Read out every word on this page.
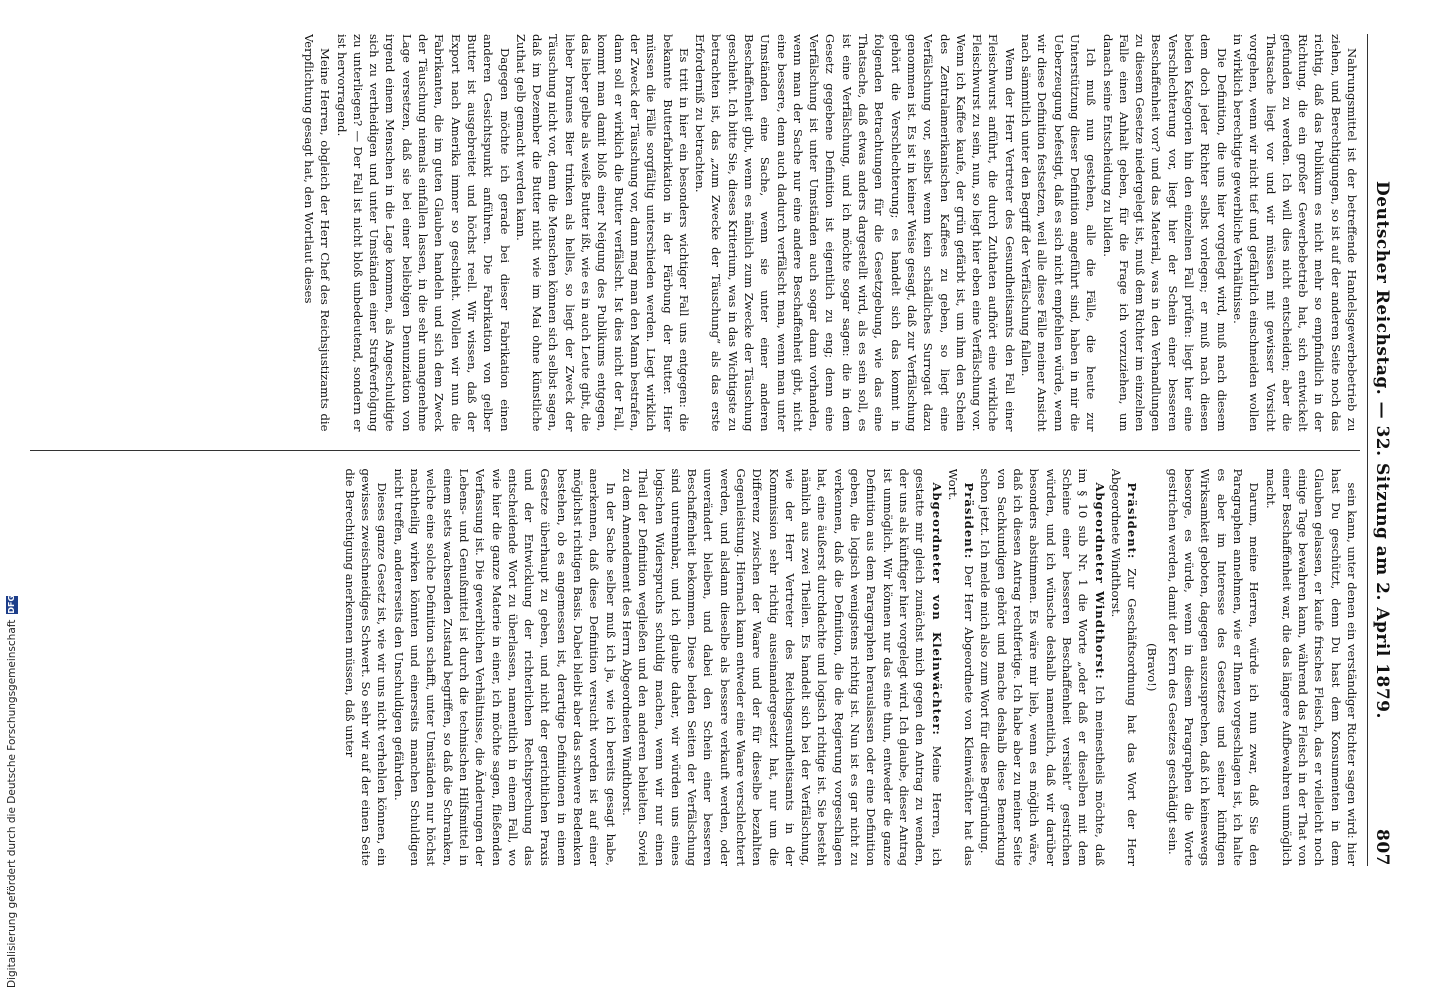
Deutscher Reichstag. — 32. Sitzung am 2. April 1879.
807

Nahrungsmittel ist der betreffende Handelsgewerbebetrieb zu ziehen, und Berechtigungen, so ist auf der anderen Seite noch das richtig, daß das Publikum es nicht mehr so empfindlich in der Richtung, die ein großer Gewerbebetrieb hat, sich entwickelt gefunden zu werden. Ich will dies nicht entscheiden; aber die Thatsache liegt vor und wir müssen mit gewisser Vorsicht vorgehen, wenn wir nicht tief und gefährlich einschneiden wollen in wirklich berechtigte gewerbliche Verhältnisse.

Die Definition, die uns hier vorgelegt wird, muß nach diesem dem doch jeder Richter selbst vorlegen; er muß nach diesen beiden Kategorien hin den einzelnen Fall prüfen: liegt hier eine Verschlechterung vor, liegt hier der Schein einer besseren Beschaffenheit vor? und das Material, was in den Verhandlungen zu diesem Gesetze niedergelegt ist, muß dem Richter im einzelnen Falle einen Anhalt geben, für die Frage ich vorzuziehen, um danach seine Entscheidung zu bilden.

Ich muß nun gestehen, alle die Fälle, die heute zur Unterstützung dieser Definition angeführt sind, haben in mir die Ueberzeugung befestigt, daß es sich nicht empfehlen würde, wenn wir diese Definition festsetzen, weil alle diese Fälle meiner Ansicht nach sämmtlich unter den Begriff der Verfälschung fallen.

Wenn der Herr Vertreter des Gesundheitsamts den Fall einer Fleischwurst anführt, die durch Zuthaten aufhört eine wirkliche Fleischwurst zu sein, nun, so liegt hier eben eine Verfälschung vor. Wenn ich Kaffee kaufe, der grün gefärbt ist, um ihm den Schein des Zentralamerikanischen Kaffees zu geben, so liegt eine Verfälschung vor, selbst wenn kein schädliches Surrogat dazu genommen ist. Es ist in keiner Weise gesagt, daß zur Verfälschung gehört die Verschlechterung; es handelt sich das kommt in folgenden Betrachtungen für die Gesetzgebung, wie das eine Thatsache, daß etwas anders dargestellt wird, als es sein soll, es ist eine Verfälschung, und ich möchte sogar sagen: die in dem Gesetz gegebene Definition ist eigentlich zu eng; denn eine Verfälschung ist unter Umständen auch sogar dann vorhanden, wenn man der Sache nur eine andere Beschaffenheit gibt, nicht eine bessere, denn auch dadurch verfälscht man, wenn man unter Umständen eine Sache, wenn sie unter einer anderen Beschaffenheit gibt, wenn es nämlich zum Zwecke der Täuschung geschieht. Ich bitte Sie, dieses Kriterium, was in das Wichtigste zu betrachten ist, das „zum Zwecke der Täuschung“ als das erste Erforderniß zu betrachten.

Es tritt in hier ein besonders wichtiger Fall uns entgegen: die bekannte Butterfabrikation in der Färbung der Butter. Hier müssen die Fälle sorgfältig unterschieden werden. Liegt wirklich der Zweck der Täuschung vor, dann mag man den Mann bestrafen, dann soll er wirklich die Butter verfälscht. Ist dies nicht der Fall, kommt man damit bloß einer Neigung des Publikums entgegen, das lieber gelbe als weiße Butter ißt, wie es in auch Leute gibt, die lieber braunes Bier trinken als helles, so liegt der Zweck der Täuschung nicht vor, denn die Menschen können sich selbst sagen, daß im Dezember die Butter nicht wie im Mai ohne künstliche Zuthat gelb gemacht werden kann.

Dagegen möchte ich gerade bei dieser Fabrikation einen anderen Gesichtspunkt anführen. Die Fabrikation von gelber Butter ist ausgebreitet und höchst reell. Wir wissen, daß der Export nach Amerika immer so geschieht. Wollen wir nun die Fabrikanten, die im guten Glauben handeln und sich dem Zweck der Täuschung niemals einfallen lassen, in die sehr unangenehme Lage versetzen, daß sie bei einer beliebigen Denunziation von irgend einem Menschen in die Lage kommen, als Angeschuldigte sich zu vertheidigen und unter Umständen einer Strafverfolgung zu unterliegen? — Der Fall ist nicht bloß unbedeutend, sondern er ist hervorragend.

Meine Herren, obgleich der Herr Chef des Reichsjustizamts die Verpflichtung gesagt hat, den Wortlaut dieses

sein kann, unter denen ein verständiger Richter sagen wird: hier hast Du geschützt, denn Du hast dem Konsumenten in dem Glauben gelassen, er kaufe frisches Fleisch, das er vielleicht noch einige Tage bewahren kann, während das Fleisch in der That von einer Beschaffenheit war, die das längere Aufbewahren unmöglich macht.

Darum, meine Herren, würde ich nun zwar, daß Sie den Paragraphen annehmen, wie er Ihnen vorgeschlagen ist, ich halte es aber im Interesse des Gesetzes und seiner künftigen Wirksamkeit geboten, dagegen auszusprechen, daß ich keineswegs besorge, es würde, wenn in diesem Paragraphen die Worte gestrichen werden, damit der Kern des Gesetzes geschädigt sein.

(Bravo!)

Präsident: Zur Geschäftsordnung hat das Wort der Herr Abgeordnete Windthorst.

Abgeordneter Windthorst: Ich meinestheils möchte, daß im § 10 sub Nr. 1 die Worte „oder daß er dieselben mit dem Scheine einer besseren Beschaffenheit versieht“ gestrichen würden, und ich wünsche deshalb namentlich, daß wir darüber besonders abstimmen. Es wäre mir lieb, wenn es möglich wäre, daß ich diesen Antrag rechtfertige. Ich habe aber zu meiner Seite von Sachkundigen gehört und mache deshalb diese Bemerkung schon jetzt. Ich melde mich also zum Wort für diese Begründung.

Präsident: Der Herr Abgeordnete von Kleinwächter hat das Wort.

Abgeordneter von Kleinwächter: Meine Herren, ich gestatte mir gleich zunächst mich gegen den Antrag zu wenden, der uns als künftiger hier vorgelegt wird. Ich glaube, dieser Antrag ist unmöglich. Wir können nur das eine thun, entweder die ganze Definition aus dem Paragraphen herauslassen oder eine Definition geben, die logisch wenigstens richtig ist. Nun ist es gar nicht zu verkennen, daß die Definition, die die Regierung vorgeschlagen hat, eine äußerst durchdachte und logisch richtige ist. Sie besteht nämlich aus zwei Theilen. Es handelt sich bei der Verfälschung, wie der Herr Vertreter des Reichsgesundheitsamts in der Kommission sehr richtig auseinandergesetzt hat, nur um die Differenz zwischen der Waare und der für dieselbe bezahlten Gegenleistung. Hiernach kann entweder eine Waare verschlechtert werden, und alsdann dieselbe als bessere verkauft werden, oder unverändert bleiben, und dabei den Schein einer besseren Beschaffenheit bekommen. Diese beiden Seiten der Verfälschung sind untrennbar, und ich glaube daher, wir würden uns eines logischen Widerspruchs schuldig machen, wenn wir nur einen Theil der Definition wegließen und den anderen behielten. Soviel zu dem Amendement des Herrn Abgeordneten Windthorst.

In der Sache selber muß ich ja, wie ich bereits gesagt habe, anerkennen, daß diese Definition versucht worden ist auf einer möglichst richtigen Basis. Dabei bleibt aber das schwere Bedenken bestehen, ob es angemessen ist, derartige Definitionen in einem Gesetze überhaupt zu geben, und nicht der gerichtlichen Praxis und der Entwicklung der richterlichen Rechtsprechung das entscheidende Wort zu überlassen, namentlich in einem Fall, wo wie hier die ganze Materie in einer, ich möchte sagen, fließenden Verfassung ist. Die gewerblichen Verhältnisse, die Änderungen der Lebens- und Genußmittel ist durch die technischen Hilfsmittel in einem stets wachsenden Zustand begriffen, so daß die Schranken, welche eine solche Definition schafft, unter Umständen nur höchst nachtheilig wirken könnten und einerseits manchen Schuldigen nicht treffen, andererseits den Unschuldigen gefährden.

Dieses ganze Gesetz ist, wie wir uns nicht verhehlen können, ein gewisses zweischneidiges Schwert. So sehr wir auf der einen Seite die Berechtigung anerkennen müssen, daß unter

Digitalisierung gefördert durch die Deutsche ForschungsgemeinschaftDFG
